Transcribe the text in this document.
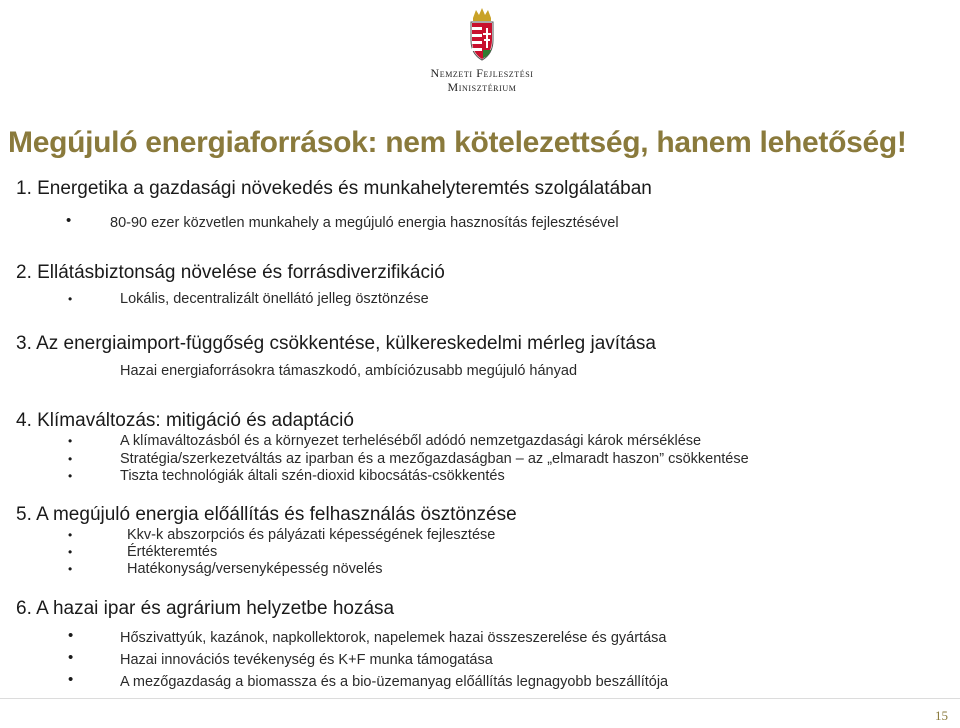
Nemzeti Fejlesztési
Minisztérium
Megújuló energiaforrások: nem kötelezettség, hanem lehetőség!
1. Energetika a gazdasági növekedés és munkahelyteremtés szolgálatában
•	80-90 ezer közvetlen munkahely a megújuló energia hasznosítás fejlesztésével
2. Ellátásbiztonság növelése és forrásdiverzifikáció
•	Lokális, decentralizált önellátó jelleg ösztönzése
3. Az energiaimport-függőség csökkentése, külkereskedelmi mérleg javítása
Hazai energiaforrásokra támaszkodó, ambíciózusabb megújuló hányad
4. Klímaváltozás: mitigáció és adaptáció
•	A klímaváltozásból és a környezet terheléséből adódó nemzetgazdasági károk mérséklése
•	Stratégia/szerkezetváltás az iparban és a mezőgazdaságban – az „elmaradt haszon” csökkentése
•	Tiszta technológiák általi szén-dioxid kibocsátás-csökkentés
5. A megújuló energia előállítás és felhasználás ösztönzése
•	Kkv-k abszorpciós és pályázati képességének fejlesztése
•	Értékteremtés
•	Hatékonyság/versenyképesség növelés
6. A hazai ipar és agrárium helyzetbe hozása
•	Hőszivattyúk, kazánok, napkollektorok, napelemek hazai összeszerelése és gyártása
•	Hazai innovációs tevékenység és K+F munka támogatása
•	A mezőgazdaság a biomassza és a bio-üzemanyag előállítás legnagyobb beszállítója
15
